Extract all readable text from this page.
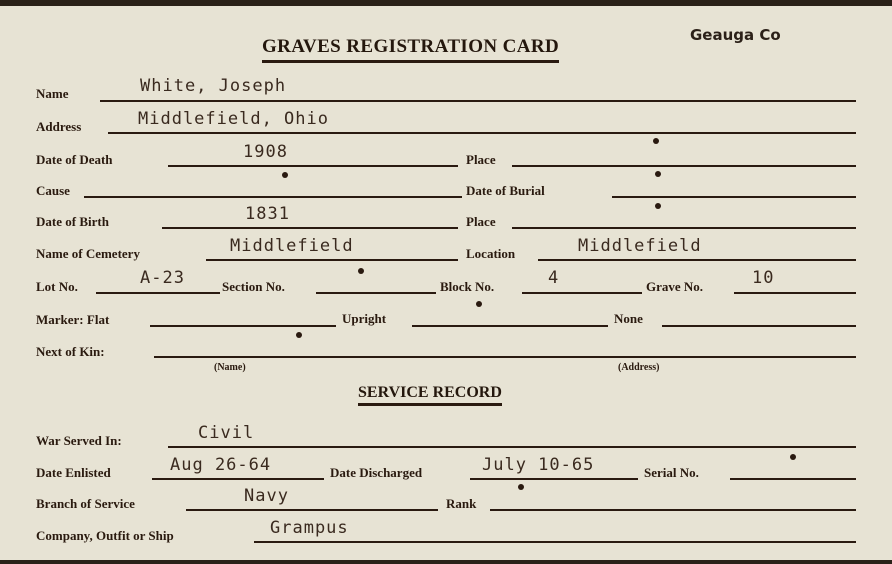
GRAVES REGISTRATION CARD
Geauga Co
Name	White, Joseph
Address	Middlefield, Ohio
Date of Death	1908	Place
Cause	Date of Burial
Date of Birth	1831	Place
Name of Cemetery	Middlefield	Location	Middlefield
Lot No.	A-23	Section No.	Block No.	4	Grave No.	10
Marker: Flat	Upright	None
Next of Kin:
(Name)	(Address)
SERVICE RECORD
War Served In:	Civil
Date Enlisted	Aug 26-64	Date Discharged	July 10-65	Serial No.
Branch of Service	Navy	Rank
Company, Outfit or Ship	Grampus
